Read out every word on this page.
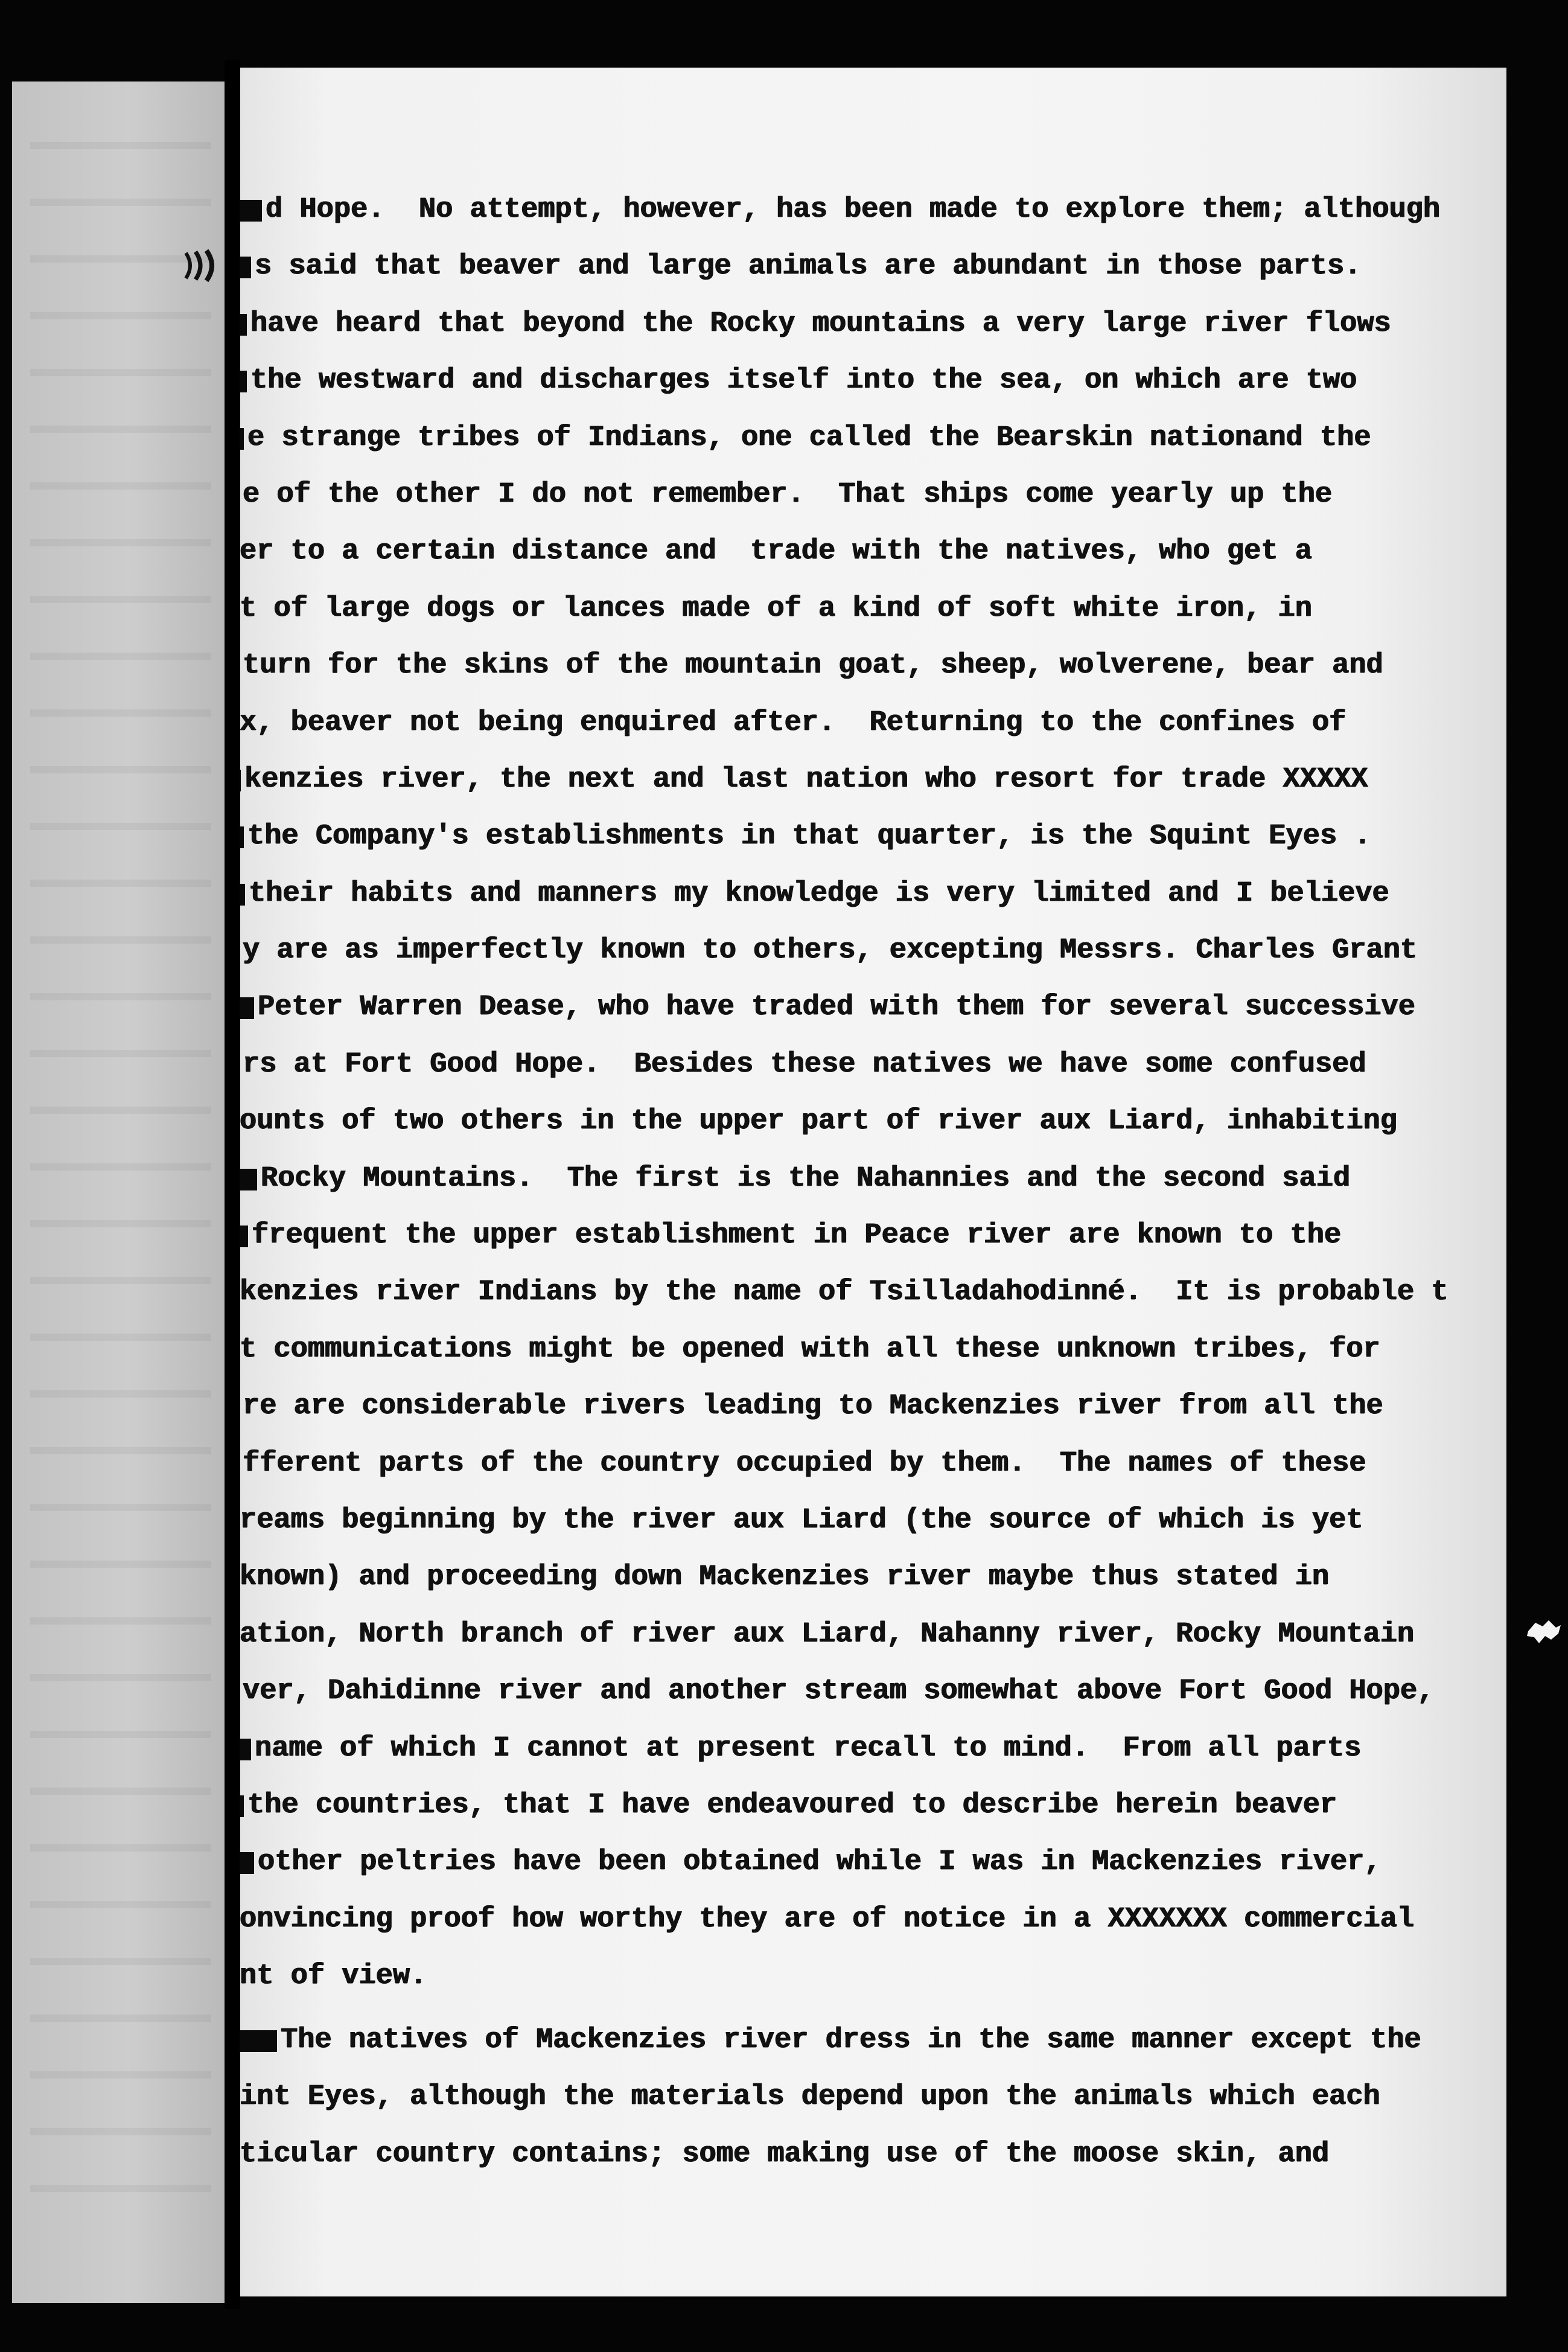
d Hope.  No attempt, however, has been made to explore them; although
s said that beaver and large animals are abundant in those parts.
have heard that beyond the Rocky mountains a very large river flows
the westward and discharges itself into the sea, on which are two
e strange tribes of Indians, one called the Bearskin nationand the
e of the other I do not remember.  That ships come yearly up the
er to a certain distance and  trade with the natives, who get a
t of large dogs or lances made of a kind of soft white iron, in
turn for the skins of the mountain goat, sheep, wolverene, bear and
x, beaver not being enquired after.  Returning to the confines of
kenzies river, the next and last nation who resort for trade XXXXX
the Company's establishments in that quarter, is the Squint Eyes .
their habits and manners my knowledge is very limited and I believe
y are as imperfectly known to others, excepting Messrs. Charles Grant
Peter Warren Dease, who have traded with them for several successive
rs at Fort Good Hope.  Besides these natives we have some confused
ounts of two others in the upper part of river aux Liard, inhabiting
Rocky Mountains.  The first is the Nahannies and the second said
frequent the upper establishment in Peace river are known to the
kenzies river Indians by the name of Tsilladahodinné.  It is probable t
t communications might be opened with all these unknown tribes, for
re are considerable rivers leading to Mackenzies river from all the
fferent parts of the country occupied by them.  The names of these
reams beginning by the river aux Liard (the source of which is yet
known) and proceeding down Mackenzies river maybe thus stated in
ation, North branch of river aux Liard, Nahanny river, Rocky Mountain
ver, Dahidinne river and another stream somewhat above Fort Good Hope,
name of which I cannot at present recall to mind.  From all parts
the countries, that I have endeavoured to describe herein beaver
other peltries have been obtained while I was in Mackenzies river,
onvincing proof how worthy they are of notice in a XXXXXXX commercial
nt of view.
The natives of Mackenzies river dress in the same manner except the
int Eyes, although the materials depend upon the animals which each
ticular country contains; some making use of the moose skin, and
